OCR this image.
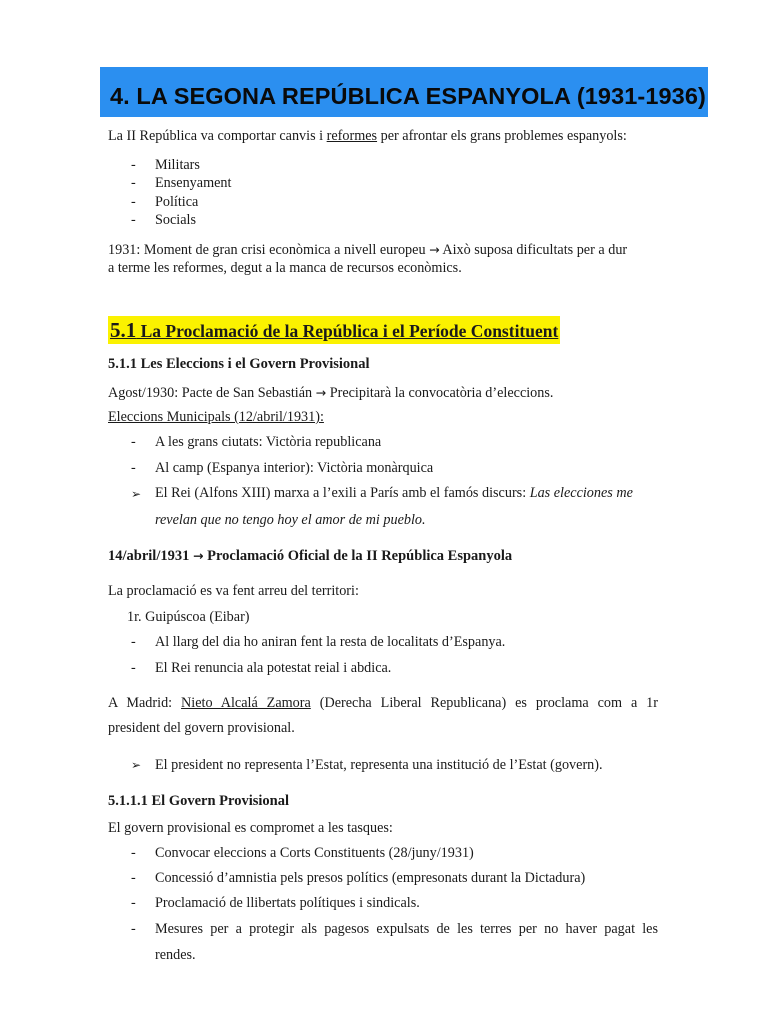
4. LA SEGONA REPÚBLICA ESPANYOLA (1931-1936)
La II República va comportar canvis i reformes per afrontar els grans problemes espanyols:
- Militars
- Ensenyament
- Política
- Socials
1931: Moment de gran crisi econòmica a nivell europeu → Això suposa dificultats per a dur
a terme les reformes, degut a la manca de recursos econòmics.
5.1 La Proclamació de la República i el Període Constituent
5.1.1 Les Eleccions i el Govern Provisional
Agost/1930: Pacte de San Sebastián → Precipitarà la convocatòria d’eleccions.
Eleccions Municipals (12/abril/1931):
- A les grans ciutats: Victòria republicana
- Al camp (Espanya interior): Victòria monàrquica
➢ El Rei (Alfons XIII) marxa a l’exili a París amb el famós discurs: Las elecciones me
revelan que no tengo hoy el amor de mi pueblo.
14/abril/1931 → Proclamació Oficial de la II República Espanyola
La proclamació es va fent arreu del territori:
1r. Guipúscoa (Eibar)
- Al llarg del dia ho aniran fent la resta de localitats d’Espanya.
- El Rei renuncia ala potestat reial i abdica.
A Madrid: Nieto Alcalá Zamora (Derecha Liberal Republicana) es proclama com a 1r
president del govern provisional.
➢ El president no representa l’Estat, representa una institució de l’Estat (govern).
5.1.1.1 El Govern Provisional
El govern provisional es compromet a les tasques:
- Convocar eleccions a Corts Constituents (28/juny/1931)
- Concessió d’amnistia pels presos polítics (empresonats durant la Dictadura)
- Proclamació de llibertats polítiques i sindicals.
- Mesures per a protegir als pagesos expulsats de les terres per no haver pagat les
rendes.
